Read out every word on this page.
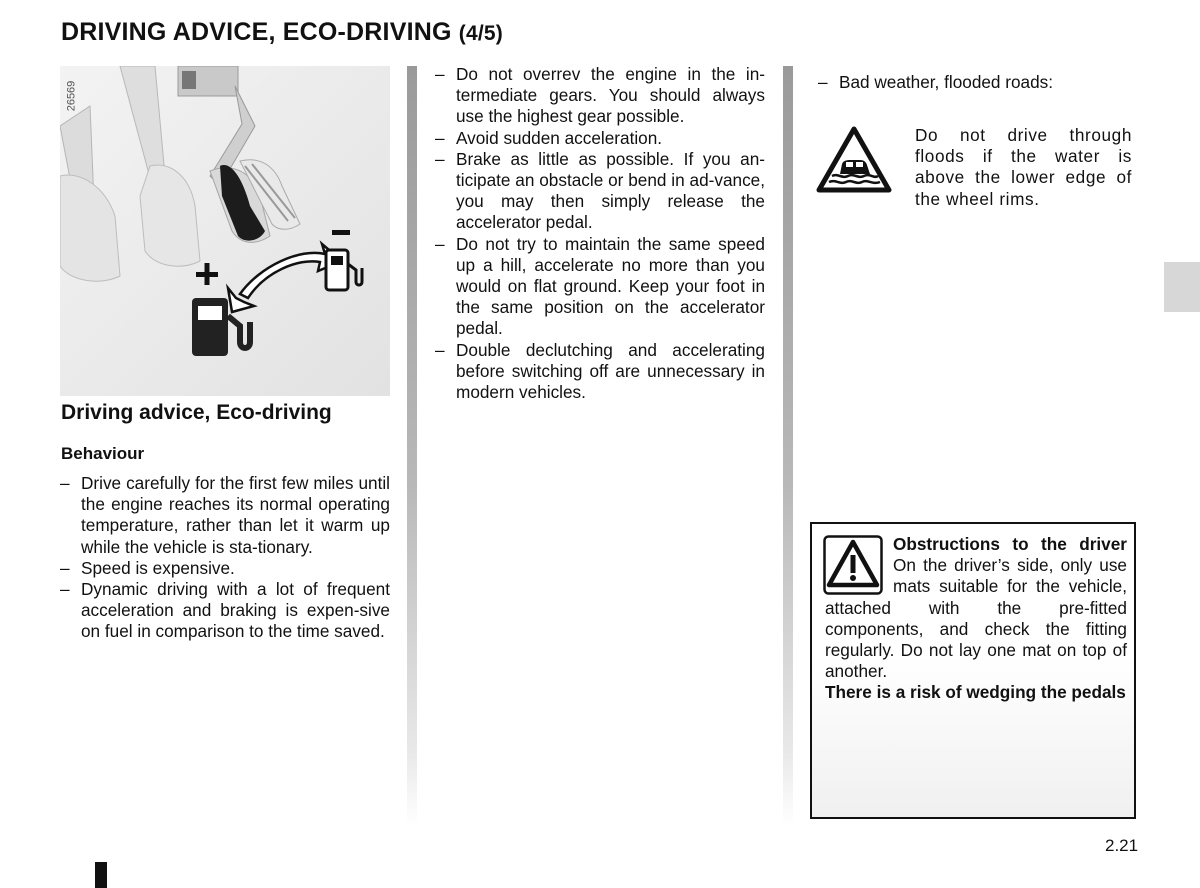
DRIVING ADVICE, ECO-DRIVING (4/5)
26569
Driving advice, Eco-driving
Behaviour
– Drive carefully for the first few miles until the engine reaches its normal operating temperature, rather than let it warm up while the vehicle is sta-tionary.
– Speed is expensive.
– Dynamic driving with a lot of frequent acceleration and braking is expen-sive on fuel in comparison to the time saved.
– Do not overrev the engine in the in-termediate gears. You should always use the highest gear possible.
– Avoid sudden acceleration.
– Brake as little as possible. If you an-ticipate an obstacle or bend in ad-vance, you may then simply release the accelerator pedal.
– Do not try to maintain the same speed up a hill, accelerate no more than you would on flat ground. Keep your foot in the same position on the accelerator pedal.
– Double declutching and accelerating before switching off are unnecessary in modern vehicles.
– Bad weather, flooded roads:
Do not drive through floods if the water is above the lower edge of the wheel rims.
Obstructions to the driver On the driver’s side, only use mats suitable for the vehicle, attached with the pre-fitted components, and check the fitting regularly. Do not lay one mat on top of another.
There is a risk of wedging the pedals
2.21
